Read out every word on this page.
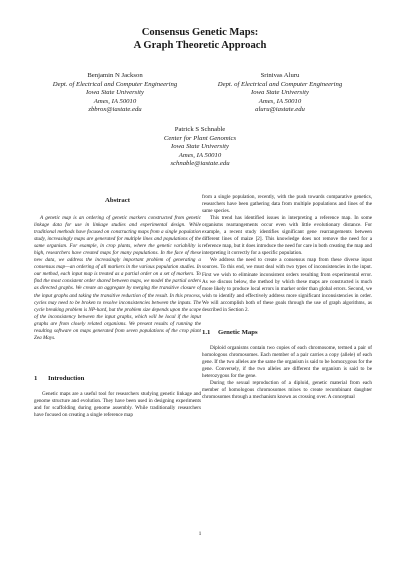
Consensus Genetic Maps:
A Graph Theoretic Approach
Benjamin N Jackson
Dept. of Electrical and Computer Engineering
Iowa State University
Ames, IA 50010
zbbrox@iastate.edu
Srinivas Aluru
Dept. of Electrical and Computer Engineering
Iowa State University
Ames, IA 50010
aluru@iastate.edu
Patrick S Schnable
Center for Plant Genomics
Iowa State University
Ames, IA 50010
schnable@iastate.edu
Abstract

A genetic map is an ordering of genetic markers constructed from genetic linkage data for use in linkage studies and experimental design. While traditional methods have focused on constructing maps from a single population study, increasingly maps are generated for multiple lines and populations of the same organism. For example, in crop plants, where the genetic variability is high, researchers have created maps for many populations. In the face of these new data, we address the increasingly important problem of generating a consensus map—an ordering of all markers in the various population studies. In our method, each input map is treated as a partial order on a set of markers. To find the most consistent order shared between maps, we model the partial orders as directed graphs. We create an aggregate by merging the transitive closure of the input graphs and taking the transitive reduction of the result. In this process, cycles may need to be broken to resolve inconsistencies between the inputs. The cycle breaking problem is NP-hard, but the problem size depends upon the scope of the inconsistency between the input graphs, which will be local if the input graphs are from closely related organisms. We present results of running the resulting software on maps generated from seven populations of the crop plant Zea Mays.

1 Introduction

Genetic maps are a useful tool for researchers studying genetic linkage and genome structure and evolution. They have been used in designing experiments and for scaffolding during genome assembly. While traditionally researchers have focused on creating a single reference map

from a single population, recently, with the push towards comparative genetics, researchers have been gathering data from multiple populations and lines of the same species.

This trend has identified issues in interpreting a reference map. In some organisms rearrangements occur even with little evolutionary distance. For example, a recent study identifies significant gene rearrangements between different lines of maize [2]. This knowledge does not remove the need for a reference map, but it does introduce the need for care in both creating the map and interpreting it correctly for a specific population.

We address the need to create a consensus map from these diverse input sources. To this end, we must deal with two types of inconsistencies in the input. First we wish to eliminate inconsistent orders resulting from experimental error. As we discuss below, the method by which these maps are constructed is much more likely to produce local errors in marker order than global errors. Second, we wish to identify and effectively address more significant inconsistencies in order. We will accomplish both of these goals through the use of graph algorithms, as described in Section 2.

1.1 Genetic Maps

Diploid organisms contain two copies of each chromosome, termed a pair of homologous chromosomes. Each member of a pair carries a copy (allele) of each gene. If the two alleles are the same the organism is said to be homozygous for the gene. Conversely, if the two alleles are different the organism is said to be heterozygous for the gene.

During the sexual reproduction of a diploid, genetic material from each member of homologous chromosomes mixes to create recombinant daughter chromosomes through a mechanism known as crossing over. A conceptual

1
